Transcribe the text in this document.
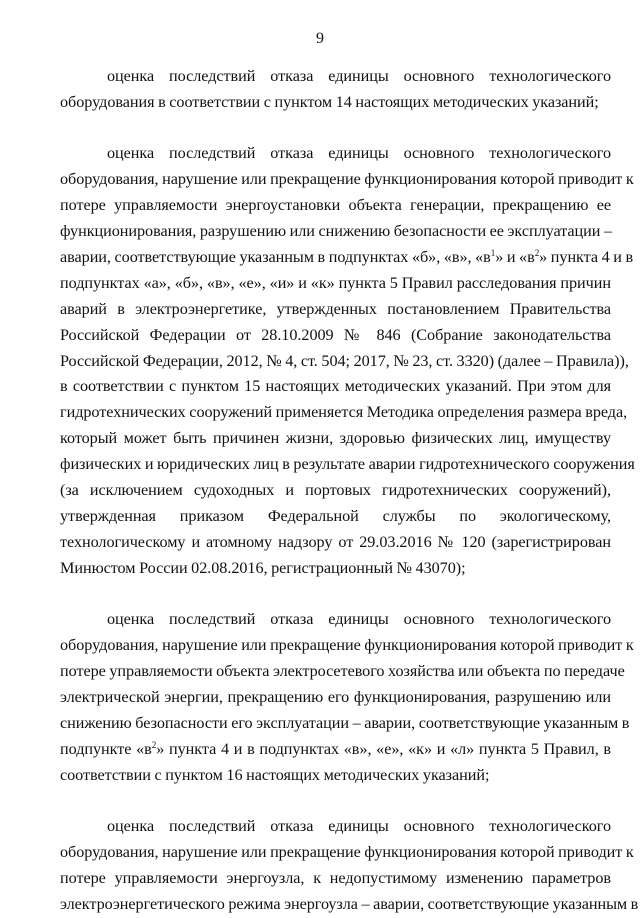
9

оценка последствий отказа единицы основного технологического
оборудования в соответствии с пунктом 14 настоящих методических указаний;

оценка последствий отказа единицы основного технологического
оборудования, нарушение или прекращение функционирования которой приводит к
потере управляемости энергоустановки объекта генерации, прекращению ее
функционирования, разрушению или снижению безопасности ее эксплуатации –
аварии, соответствующие указанным в подпунктах «б», «в», «$в^1$» и «$в^2$» пункта 4 и в
подпунктах «а», «б», «в», «е», «и» и «к» пункта 5 Правил расследования причин
аварий в электроэнергетике, утвержденных постановлением Правительства
Российской Федерации от 28.10.2009 № 846 (Собрание законодательства
Российской Федерации, 2012, № 4, ст. 504; 2017, № 23, ст. 3320) (далее – Правила)),
в соответствии с пунктом 15 настоящих методических указаний. При этом для
гидротехнических сооружений применяется Методика определения размера вреда,
который может быть причинен жизни, здоровью физических лиц, имуществу
физических и юридических лиц в результате аварии гидротехнического сооружения
(за исключением судоходных и портовых гидротехнических сооружений),
утвержденная приказом Федеральной службы по экологическому,
технологическому и атомному надзору от 29.03.2016 № 120 (зарегистрирован
Минюстом России 02.08.2016, регистрационный № 43070);

оценка последствий отказа единицы основного технологического
оборудования, нарушение или прекращение функционирования которой приводит к
потере управляемости объекта электросетевого хозяйства или объекта по передаче
электрической энергии, прекращению его функционирования, разрушению или
снижению безопасности его эксплуатации – аварии, соответствующие указанным в
подпункте «$в^2$» пункта 4 и в подпунктах «в», «е», «к» и «л» пункта 5 Правил, в
соответствии с пунктом 16 настоящих методических указаний;

оценка последствий отказа единицы основного технологического
оборудования, нарушение или прекращение функционирования которой приводит к
потере управляемости энергоузла, к недопустимому изменению параметров
электроэнергетического режима энергоузла – аварии, соответствующие указанным в
